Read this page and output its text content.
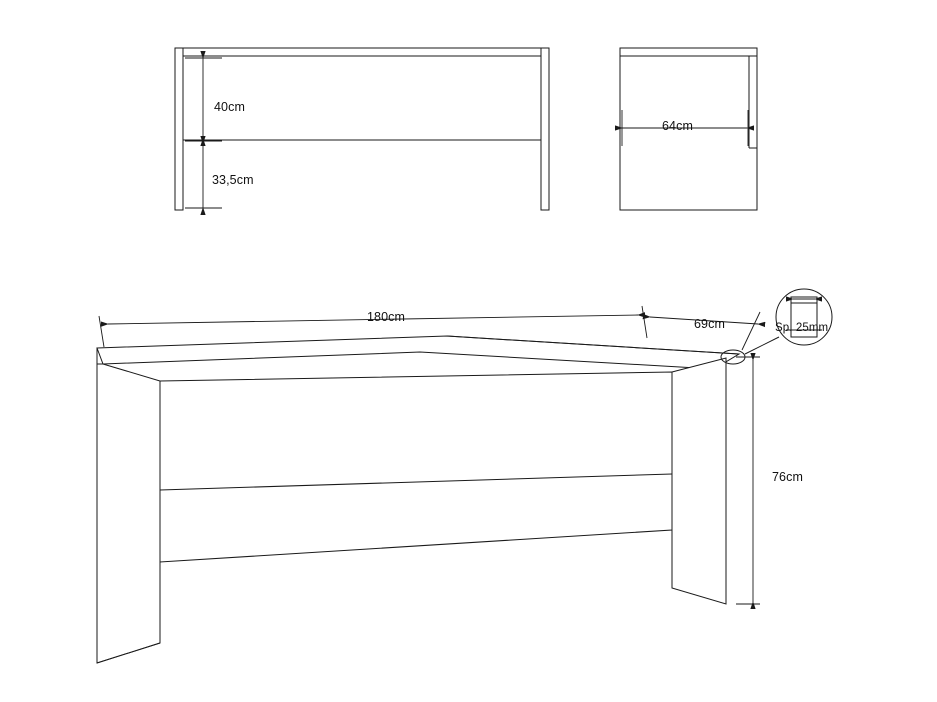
40cm
33,5cm
64cm
180cm	69cm
76cm
Sp. 25mm
